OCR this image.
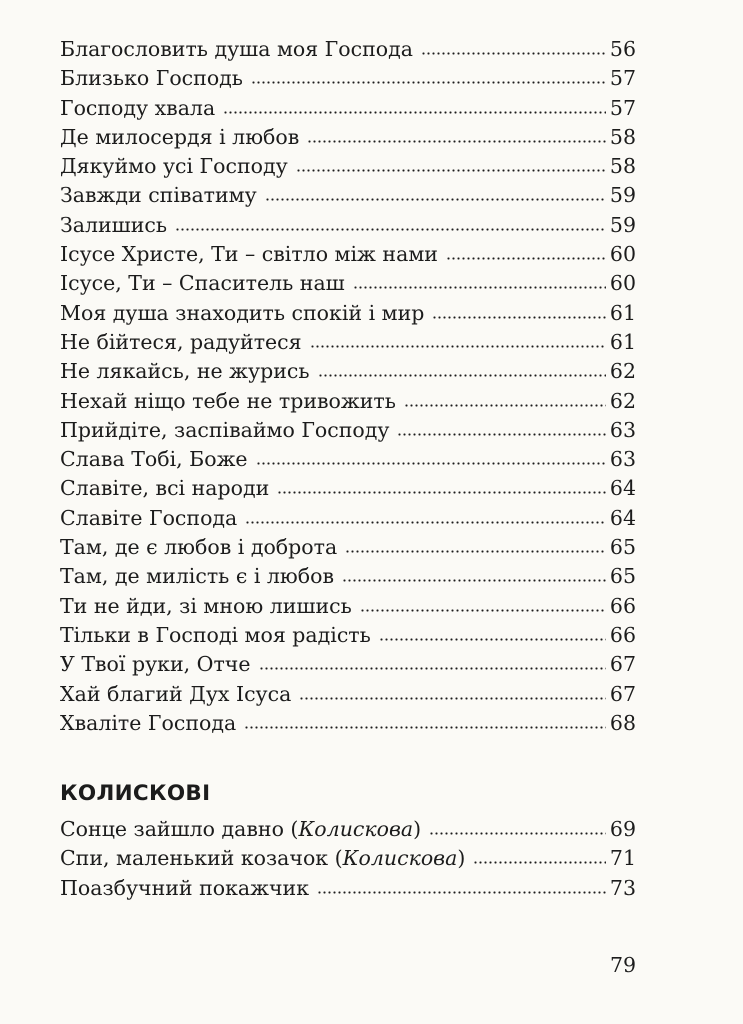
Благословить душа моя Господа	56
Близько Господь	57
Господу хвала	57
Де милосердя і любов	58
Дякуймо усі Господу	58
Завжди співатиму	59
Залишись	59
Ісусе Христе, Ти – світло між нами	60
Ісусе, Ти – Спаситель наш	60
Моя душа знаходить спокій і мир	61
Не бійтеся, радуйтеся	61
Не лякайсь, не журись	62
Нехай ніщо тебе не тривожить	62
Прийдіте, заспіваймо Господу	63
Слава Тобі, Боже	63
Славіте, всі народи	64
Славіте Господа	64
Там, де є любов і доброта	65
Там, де милість є і любов	65
Ти не йди, зі мною лишись	66
Тільки в Господі моя радість	66
У Твої руки, Отче	67
Хай благий Дух Ісуса	67
Хваліте Господа	68
КОЛИСКОВІ
Сонце зайшло давно (Колискова)	69
Спи, маленький козачок (Колискова)	71
Поазбучний покажчик	73
79
